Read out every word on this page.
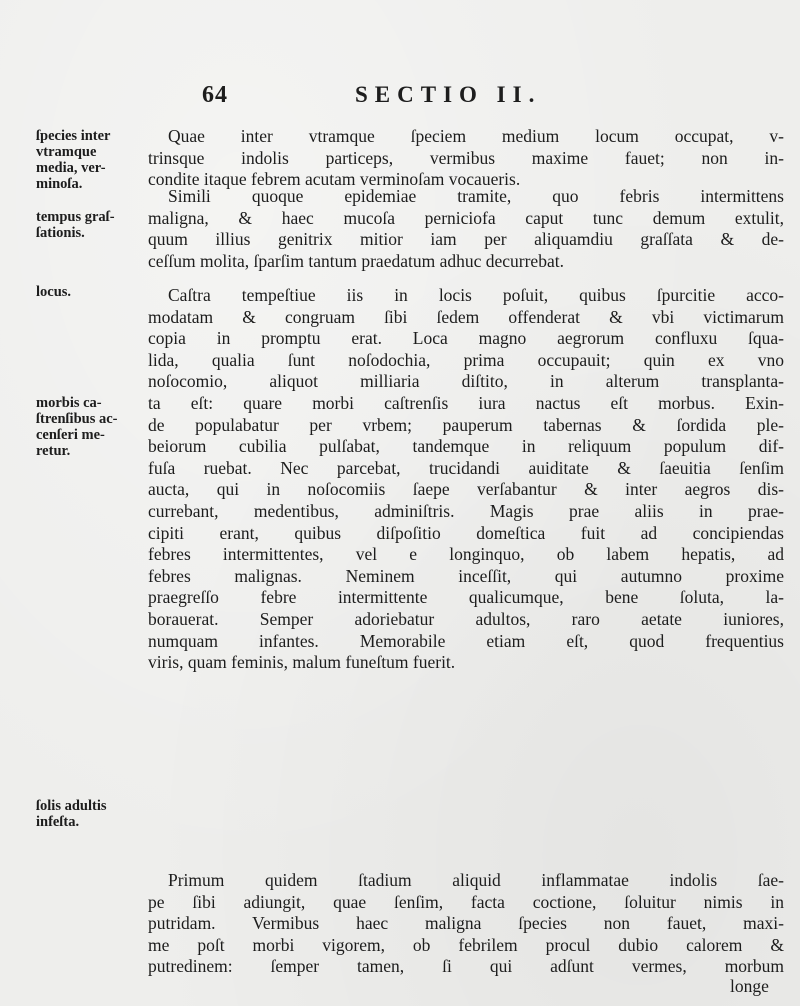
64	SECTIO II.
ſpecies inter
vtramque
media, ver-
minoſa.
tempus graſ-
ſationis.
locus.
morbis ca-
ſtrenſibus ac-
cenſeri me-
retur.
ſolis adultis
infeſta.
Quae inter vtramque ſpeciem medium locum occupat, v-
trinsque indolis particeps, vermibus maxime fauet; non in-
condite itaque febrem acutam verminoſam vocaueris.
Simili quoque epidemiae tramite, quo febris intermittens
maligna, & haec mucoſa perniciofa caput tunc demum extulit,
quum illius genitrix mitior iam per aliquamdiu graſſata & de-
ceſſum molita, ſparſim tantum praedatum adhuc decurrebat.
Caſtra tempeſtiue iis in locis poſuit, quibus ſpurcitie acco-
modatam & congruam ſibi ſedem offenderat & vbi victimarum
copia in promptu erat. Loca magno aegrorum confluxu ſqua-
lida, qualia ſunt noſodochia, prima occupauit; quin ex vno
noſocomio, aliquot milliaria diſtito, in alterum transplanta-
ta eſt: quare morbi caſtrenſis iura nactus eſt morbus. Exin-
de populabatur per vrbem; pauperum tabernas & ſordida ple-
beiorum cubilia pulſabat, tandemque in reliquum populum dif-
fuſa ruebat. Nec parcebat, trucidandi auiditate & ſaeuitia ſenſim
aucta, qui in noſocomiis ſaepe verſabantur & inter aegros dis-
currebant, medentibus, adminiſtris. Magis prae aliis in prae-
cipiti erant, quibus diſpoſitio domeſtica fuit ad concipiendas
febres intermittentes, vel e longinquo, ob labem hepatis, ad
febres malignas. Neminem inceſſit, qui autumno proxime
praegreſſo febre intermittente qualicumque, bene ſoluta, la-
borauerat. Semper adoriebatur adultos, raro aetate iuniores,
numquam infantes. Memorabile etiam eſt, quod frequentius
viris, quam feminis, malum funeſtum fuerit.
Primum quidem ſtadium aliquid inflammatae indolis ſae-
pe ſibi adiungit, quae ſenſim, facta coctione, ſoluitur nimis in
putridam. Vermibus haec maligna ſpecies non fauet, maxi-
me poſt morbi vigorem, ob febrilem procul dubio calorem &
putredinem: ſemper tamen, ſi qui adſunt vermes, morbum
longe
